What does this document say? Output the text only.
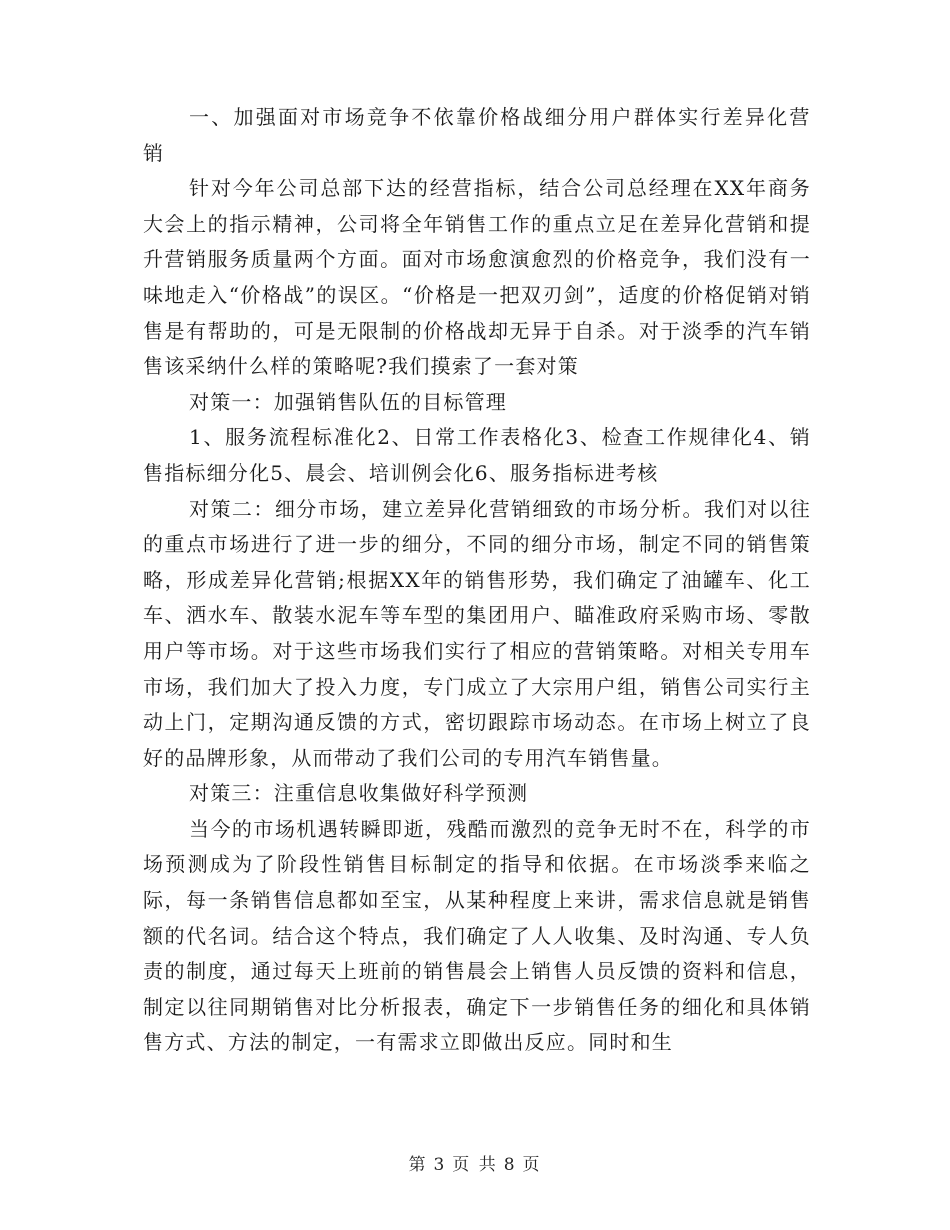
一、加强面对市场竞争不依靠价格战细分用户群体实行差异化营销

针对今年公司总部下达的经营指标，结合公司总经理在XX年商务大会上的指示精神，公司将全年销售工作的重点立足在差异化营销和提升营销服务质量两个方面。面对市场愈演愈烈的价格竞争，我们没有一味地走入“价格战”的误区。“价格是一把双刃剑”，适度的价格促销对销售是有帮助的，可是无限制的价格战却无异于自杀。对于淡季的汽车销售该采纳什么样的策略呢?我们摸索了一套对策

对策一：加强销售队伍的目标管理

1、服务流程标准化2、日常工作表格化3、检查工作规律化4、销售指标细分化5、晨会、培训例会化6、服务指标进考核

对策二：细分市场，建立差异化营销细致的市场分析。我们对以往的重点市场进行了进一步的细分，不同的细分市场，制定不同的销售策略，形成差异化营销;根据XX年的销售形势，我们确定了油罐车、化工车、洒水车、散装水泥车等车型的集团用户、瞄准政府采购市场、零散用户等市场。对于这些市场我们实行了相应的营销策略。对相关专用车市场，我们加大了投入力度，专门成立了大宗用户组，销售公司实行主动上门，定期沟通反馈的方式，密切跟踪市场动态。在市场上树立了良好的品牌形象，从而带动了我们公司的专用汽车销售量。

对策三：注重信息收集做好科学预测

当今的市场机遇转瞬即逝，残酷而激烈的竞争无时不在，科学的市场预测成为了阶段性销售目标制定的指导和依据。在市场淡季来临之际，每一条销售信息都如至宝，从某种程度上来讲，需求信息就是销售额的代名词。结合这个特点，我们确定了人人收集、及时沟通、专人负责的制度，通过每天上班前的销售晨会上销售人员反馈的资料和信息，制定以往同期销售对比分析报表，确定下一步销售任务的细化和具体销售方式、方法的制定，一有需求立即做出反应。同时和生

第 3 页 共 8 页
